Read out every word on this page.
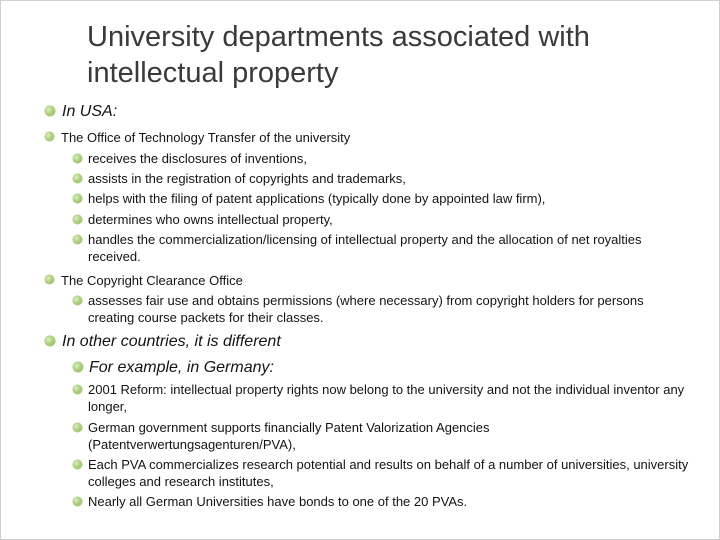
University departments associated with intellectual property
In USA:
The Office of Technology Transfer of the university
receives the disclosures of inventions,
assists in the registration of copyrights and trademarks,
helps with the filing of patent applications (typically done by appointed law firm),
determines who owns intellectual property,
handles the commercialization/licensing of intellectual property and the allocation of net royalties received.
The Copyright Clearance Office
assesses fair use and obtains permissions (where necessary) from copyright holders for persons creating course packets for their classes.
In other countries, it is different
For example, in Germany:
2001 Reform: intellectual property rights now belong to the university and not the individual inventor any longer,
German government supports financially Patent Valorization Agencies (Patentverwertungsagenturen/PVA),
Each PVA commercializes research potential and results on behalf of a number of universities, university colleges and research institutes,
Nearly all German Universities have bonds to one of the 20 PVAs.
